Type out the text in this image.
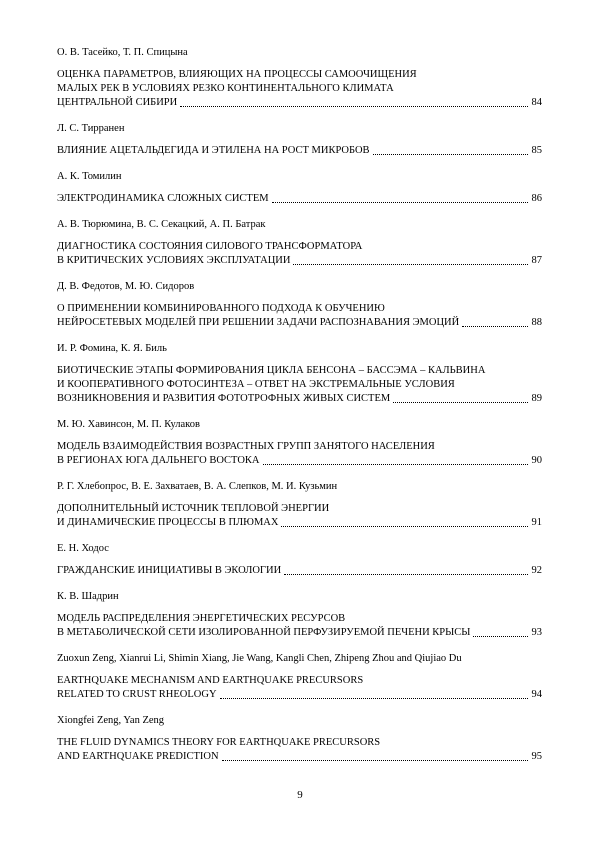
О. В. Тасейко, Т. П. Спицына
ОЦЕНКА ПАРАМЕТРОВ, ВЛИЯЮЩИХ НА ПРОЦЕССЫ САМООЧИЩЕНИЯ
МАЛЫХ РЕК В УСЛОВИЯХ РЕЗКО КОНТИНЕНТАЛЬНОГО КЛИМАТА
ЦЕНТРАЛЬНОЙ СИБИРИ	84
Л. С. Тирранен
ВЛИЯНИЕ АЦЕТАЛЬДЕГИДА И ЭТИЛЕНА НА РОСТ МИКРОБОВ	85
А. К. Томилин
ЭЛЕКТРОДИНАМИКА СЛОЖНЫХ СИСТЕМ	86
А. В. Тюрюмина, В. С. Секацкий, А. П. Батрак
ДИАГНОСТИКА СОСТОЯНИЯ СИЛОВОГО ТРАНСФОРМАТОРА
В КРИТИЧЕСКИХ УСЛОВИЯХ ЭКСПЛУАТАЦИИ	87
Д. В. Федотов, М. Ю. Сидоров
О ПРИМЕНЕНИИ КОМБИНИРОВАННОГО ПОДХОДА К ОБУЧЕНИЮ
НЕЙРОСЕТЕВЫХ МОДЕЛЕЙ ПРИ РЕШЕНИИ ЗАДАЧИ РАСПОЗНАВАНИЯ ЭМОЦИЙ	88
И. Р. Фомина, К. Я. Биль
БИОТИЧЕСКИЕ ЭТАПЫ ФОРМИРОВАНИЯ ЦИКЛА БЕНСОНА – БАССЭМА – КАЛЬВИНА
И КООПЕРАТИВНОГО ФОТОСИНТЕЗА – ОТВЕТ НА ЭКСТРЕМАЛЬНЫЕ УСЛОВИЯ
ВОЗНИКНОВЕНИЯ И РАЗВИТИЯ ФОТОТРОФНЫХ ЖИВЫХ СИСТЕМ	89
М. Ю. Хавинсон, М. П. Кулаков
МОДЕЛЬ ВЗАИМОДЕЙСТВИЯ ВОЗРАСТНЫХ ГРУПП ЗАНЯТОГО НАСЕЛЕНИЯ
В РЕГИОНАХ ЮГА ДАЛЬНЕГО ВОСТОКА	90
Р. Г. Хлебопрос, В. Е. Захватаев, В. А. Слепков, М. И. Кузьмин
ДОПОЛНИТЕЛЬНЫЙ ИСТОЧНИК ТЕПЛОВОЙ ЭНЕРГИИ
И ДИНАМИЧЕСКИЕ ПРОЦЕССЫ В ПЛЮМАХ	91
Е. Н. Ходос
ГРАЖДАНСКИЕ ИНИЦИАТИВЫ В ЭКОЛОГИИ	92
К. В. Шадрин
МОДЕЛЬ РАСПРЕДЕЛЕНИЯ ЭНЕРГЕТИЧЕСКИХ РЕСУРСОВ
В МЕТАБОЛИЧЕСКОЙ СЕТИ ИЗОЛИРОВАННОЙ ПЕРФУЗИРУЕМОЙ ПЕЧЕНИ КРЫСЫ	93
Zuoxun Zeng, Xianrui Li, Shimin Xiang, Jie Wang, Kangli Chen, Zhipeng Zhou and Qiujiao Du
EARTHQUAKE MECHANISM AND EARTHQUAKE PRECURSORS
RELATED TO CRUST RHEOLOGY	94
Xiongfei Zeng, Yan Zeng
THE FLUID DYNAMICS THEORY FOR EARTHQUAKE PRECURSORS
AND EARTHQUAKE PREDICTION	95
9
